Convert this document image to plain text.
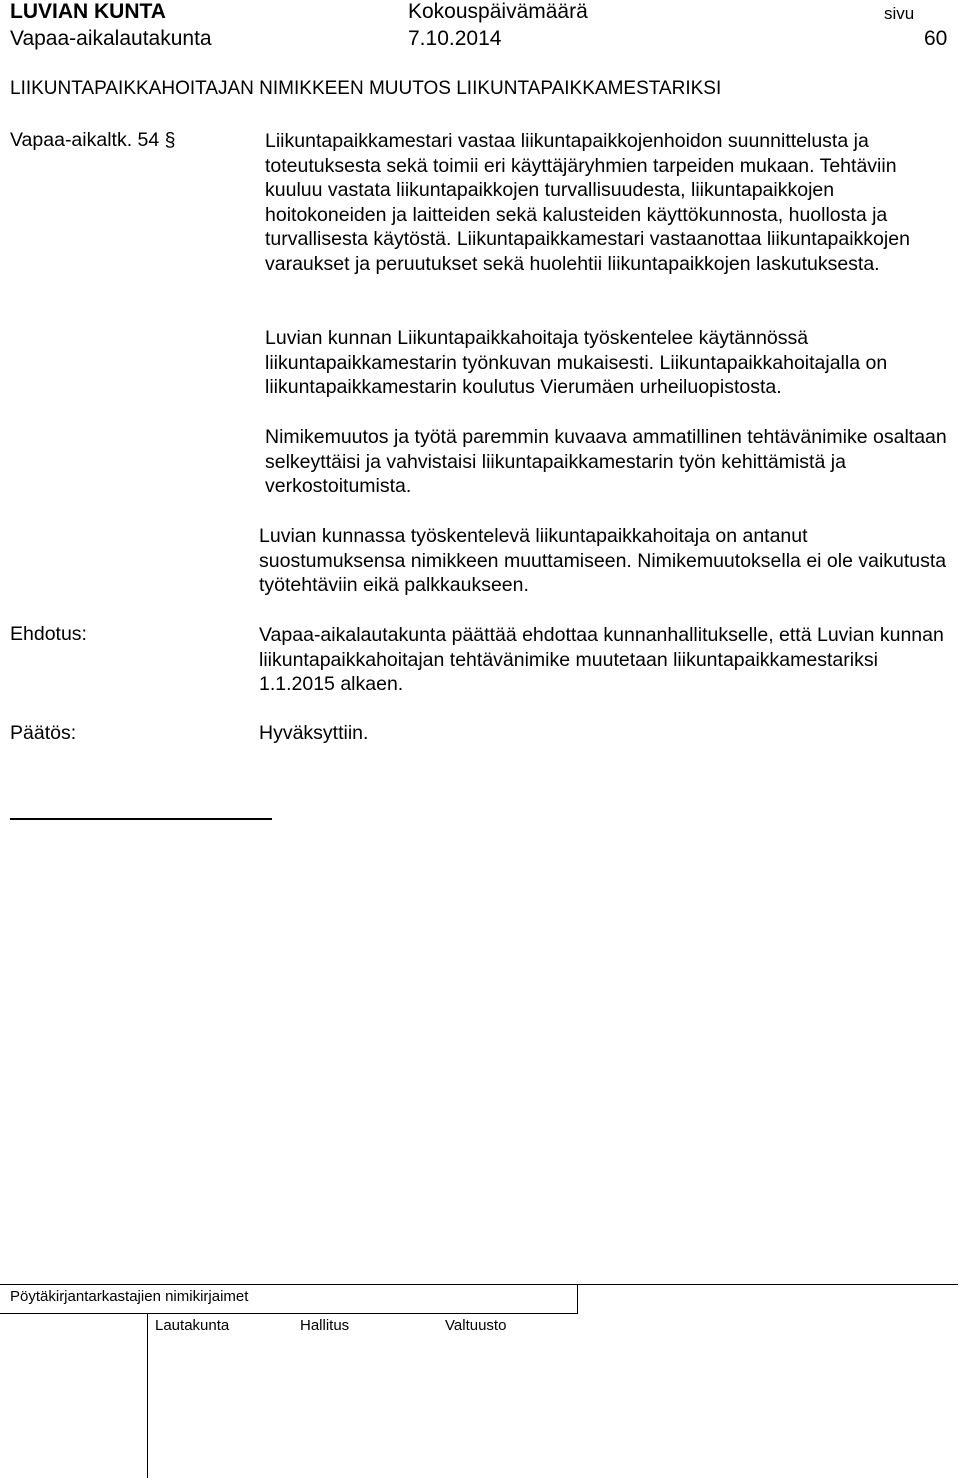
LUVIAN KUNTA
Vapaa-aikalautakunta
Kokouspäivämäärä
7.10.2014
sivu
60
LIIKUNTAPAIKKAHOITAJAN NIMIKKEEN MUUTOS LIIKUNTAPAIKKAMESTARIKSI
Vapaa-aikaltk. 54 §	Liikuntapaikkamestari vastaa liikuntapaikkojenhoidon suunnittelusta ja toteutuksesta sekä toimii eri käyttäjäryhmien tarpeiden mukaan. Tehtäviin kuuluu vastata liikuntapaikkojen turvallisuudesta, liikuntapaikkojen hoitokoneiden ja laitteiden sekä kalusteiden käyttökunnosta, huollosta ja turvallisesta käytöstä. Liikuntapaikkamestari vastaanottaa liikuntapaikkojen varaukset ja peruutukset sekä huolehtii liikuntapaikkojen laskutuksesta.

Luvian kunnan Liikuntapaikkahoitaja työskentelee käytännössä liikuntapaikkamestarin työnkuvan mukaisesti. Liikuntapaikkahoitajalla on liikuntapaikkamestarin koulutus Vierumäen urheiluopistosta.

Nimikemuutos ja työtä paremmin kuvaava ammatillinen tehtävänimike osaltaan selkeyttäisi ja vahvistaisi liikuntapaikkamestarin työn kehittämistä ja verkostoitumista.

Luvian kunnassa työskentelevä liikuntapaikkahoitaja on antanut suostumuksensa nimikkeen muuttamiseen. Nimikemuutoksella ei ole vaikutusta työtehtäviin eikä palkkaukseen.

Ehdotus:	Vapaa-aikalautakunta päättää ehdottaa kunnanhallitukselle, että Luvian kunnan liikuntapaikkahoitajan tehtävänimike muutetaan liikuntapaikkamestariksi 1.1.2015 alkaen.

Päätös:	Hyväksyttiin.
Pöytäkirjantarkastajien nimikirjaimet
Lautakunta	Hallitus	Valtuusto
